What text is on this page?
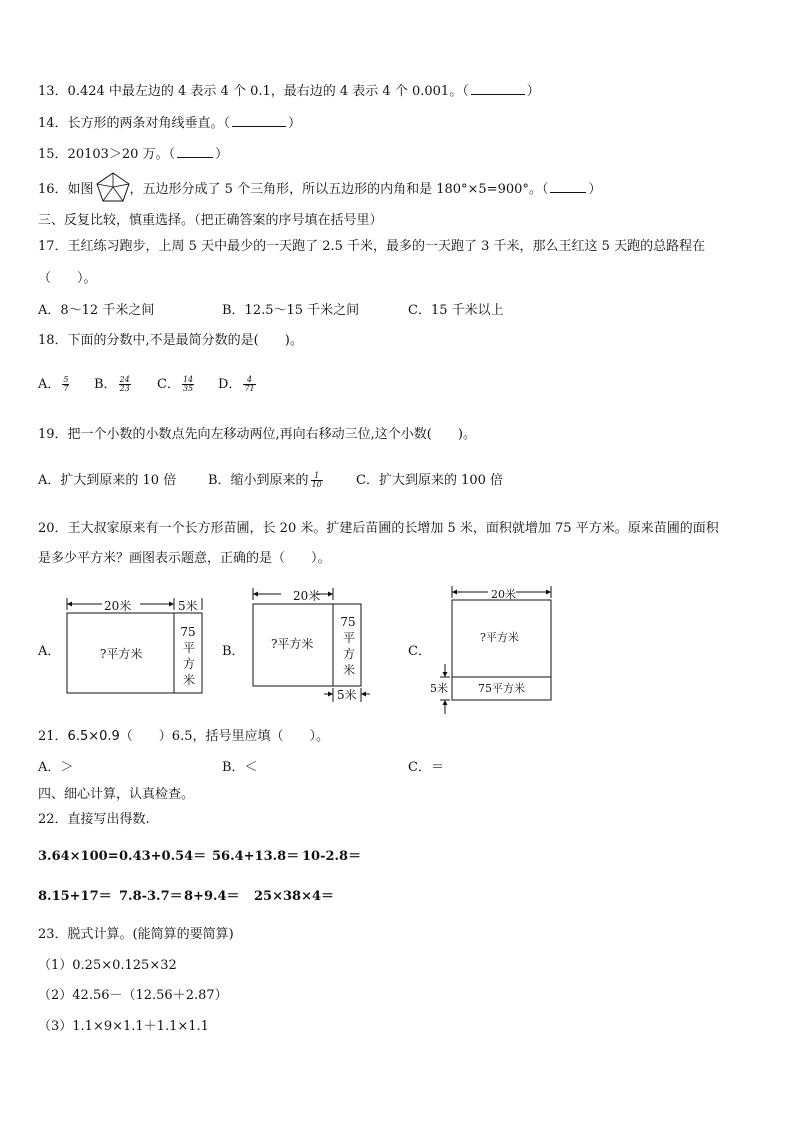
13．0.424 中最左边的 4 表示 4 个 0.1，最右边的 4 表示 4 个 0.001。（	）
14．长方形的两条对角线垂直。（	）
15．20103＞20 万。（	）
16．如图	，五边形分成了 5 个三角形，所以五边形的内角和是 180°×5=900°。（	）
三、反复比较，慎重选择。（把正确答案的序号填在括号里）
17．王红练习跑步，上周 5 天中最少的一天跑了 2.5 千米，最多的一天跑了 3 千米，那么王红这 5 天跑的总路程在
（　　）。
A．8～12 千米之间	B．12.5～15 千米之间	C．15 千米以上
18．下面的分数中,不是最简分数的是(　　)。
A． $\frac{5}{7}$ B． $\frac{24}{23}$ C． $\frac{14}{35}$ D． $\frac{4}{71}$
19．把一个小数的小数点先向左移动两位,再向右移动三位,这个小数(　　)。
A．扩大到原来的 10 倍 B．缩小到原来的 $\frac{1}{10}$	C．扩大到原来的 100 倍
20．王大叔家原来有一个长方形苗圃，长 20 米。扩建后苗圃的长增加 5 米，面积就增加 75 平方米。原来苗圃的面积
是多少平方米？画图表示题意，正确的是（　　）。
A．	B．	C．
20米	5米
?平方米
75
平
方
米
20米
?平方米
75
平
方
米
5米
20米
?平方米
75平方米
5米
21．6.5×0.9（　　）6.5，括号里应填（　　）。
A．＞	B．＜	C．＝
四、细心计算，认真检查。
22．直接写出得数.
3.64×100= 0.43+0.54＝ 56.4+13.8＝ 10-2.8＝
8.15+17＝ 7.8-3.7＝ 8+9.4＝ 25×38×4＝
23．脱式计算。(能简算的要简算)
（1）0.25×0.125×32
（2）42.56－（12.56＋2.87）
（3）1.1×9×1.1＋1.1×1.1
